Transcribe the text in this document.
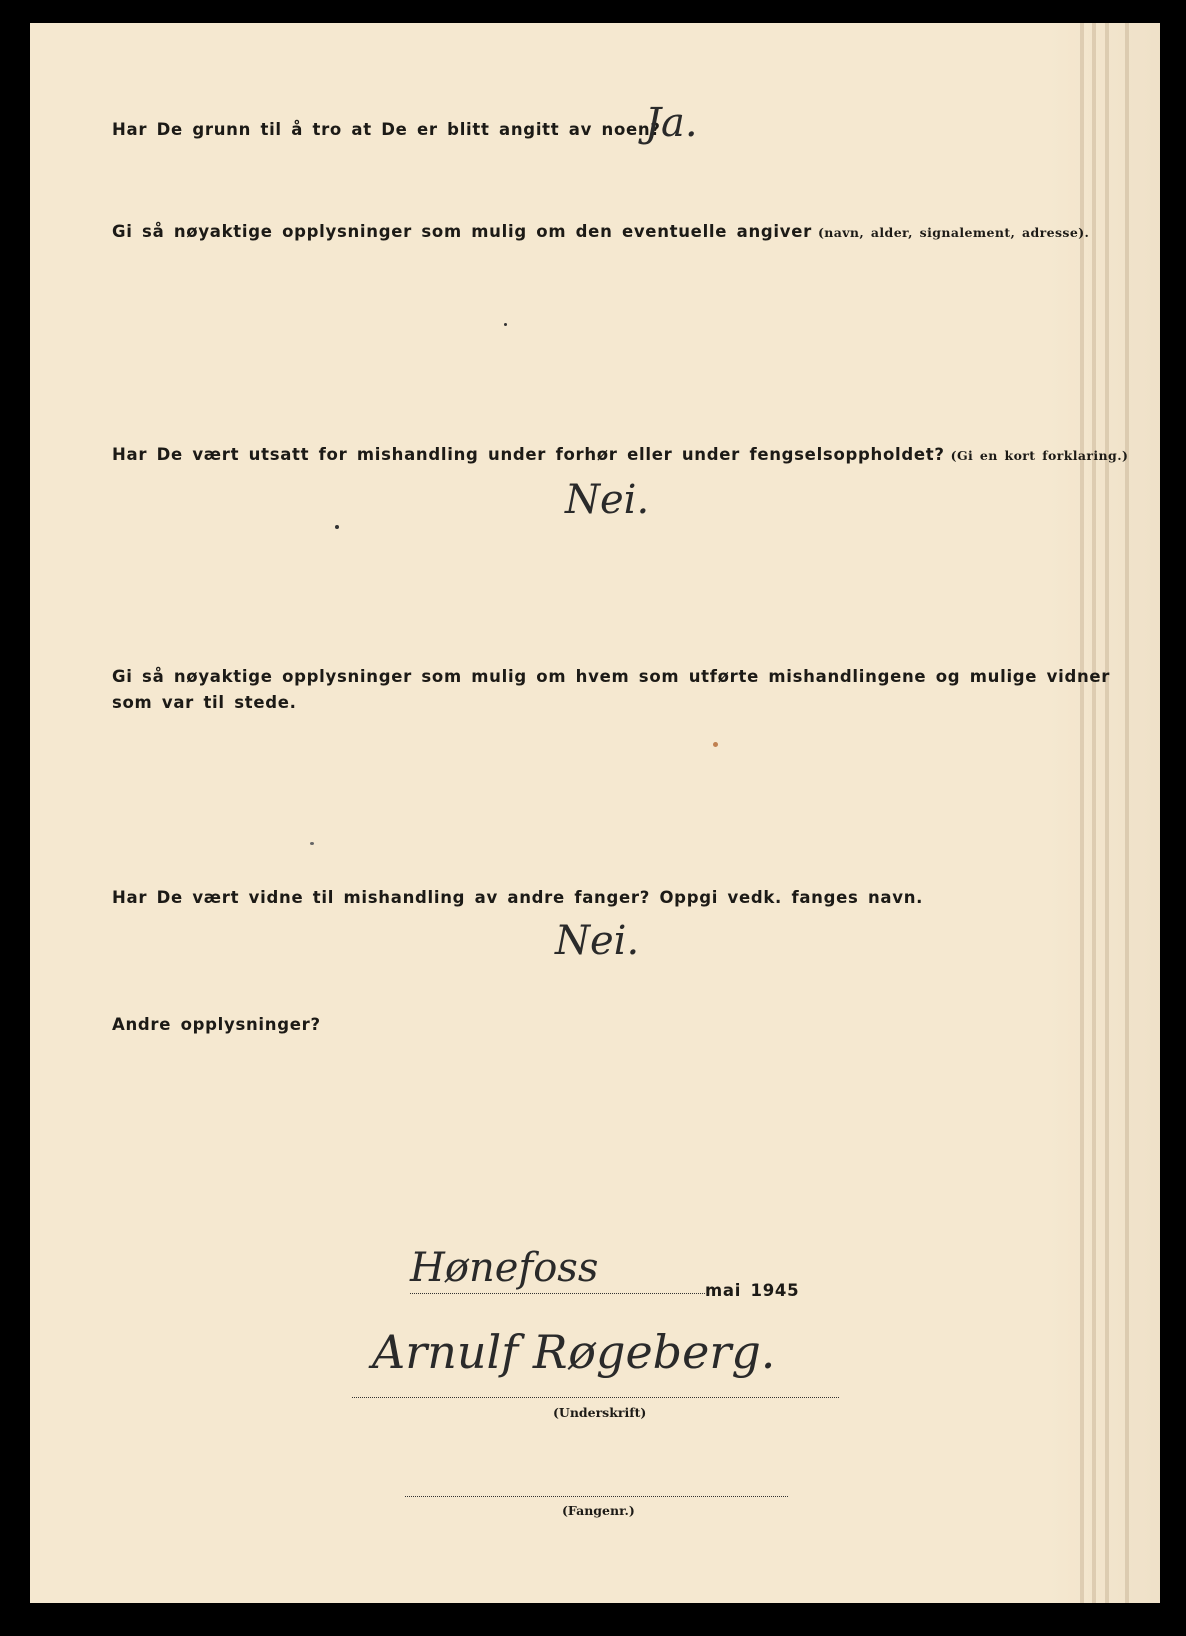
Har De grunn til å tro at De er blitt angitt av noen?
Ja.
Gi så nøyaktige opplysninger som mulig om den eventuelle angiver (navn, alder, signalement, adresse).
Har De vært utsatt for mishandling under forhør eller under fengselsoppholdet? (Gi en kort forklaring.)
Nei.
Gi så nøyaktige opplysninger som mulig om hvem som utførte mishandlingene og mulige vidner
som var til stede.
Har De vært vidne til mishandling av andre fanger? Oppgi vedk. fanges navn.
Nei.
Andre opplysninger?
Hønefoss	mai 1945
Arnulf Røgeberg.
(Underskrift)
(Fangenr.)
